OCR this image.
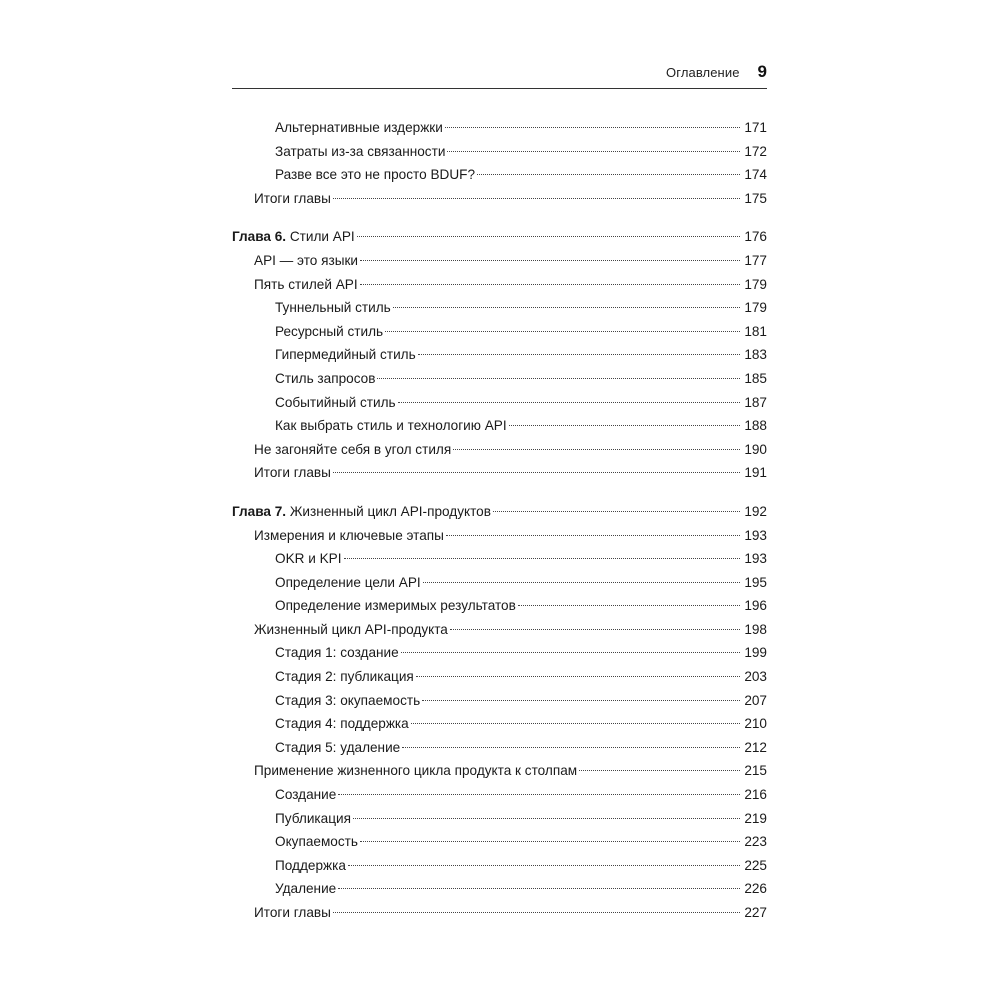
Оглавление 9
Альтернативные издержки	171
Затраты из-за связанности	172
Разве все это не просто BDUF?	174
Итоги главы	175
Глава 6. Стили API	176
API — это языки	177
Пять стилей API	179
Туннельный стиль	179
Ресурсный стиль	181
Гипермедийный стиль	183
Стиль запросов	185
Событийный стиль	187
Как выбрать стиль и технологию API	188
Не загоняйте себя в угол стиля	190
Итоги главы	191
Глава 7. Жизненный цикл API-продуктов	192
Измерения и ключевые этапы	193
OKR и KPI	193
Определение цели API	195
Определение измеримых результатов	196
Жизненный цикл API-продукта	198
Стадия 1: создание	199
Стадия 2: публикация	203
Стадия 3: окупаемость	207
Стадия 4: поддержка	210
Стадия 5: удаление	212
Применение жизненного цикла продукта к столпам	215
Создание	216
Публикация	219
Окупаемость	223
Поддержка	225
Удаление	226
Итоги главы	227
